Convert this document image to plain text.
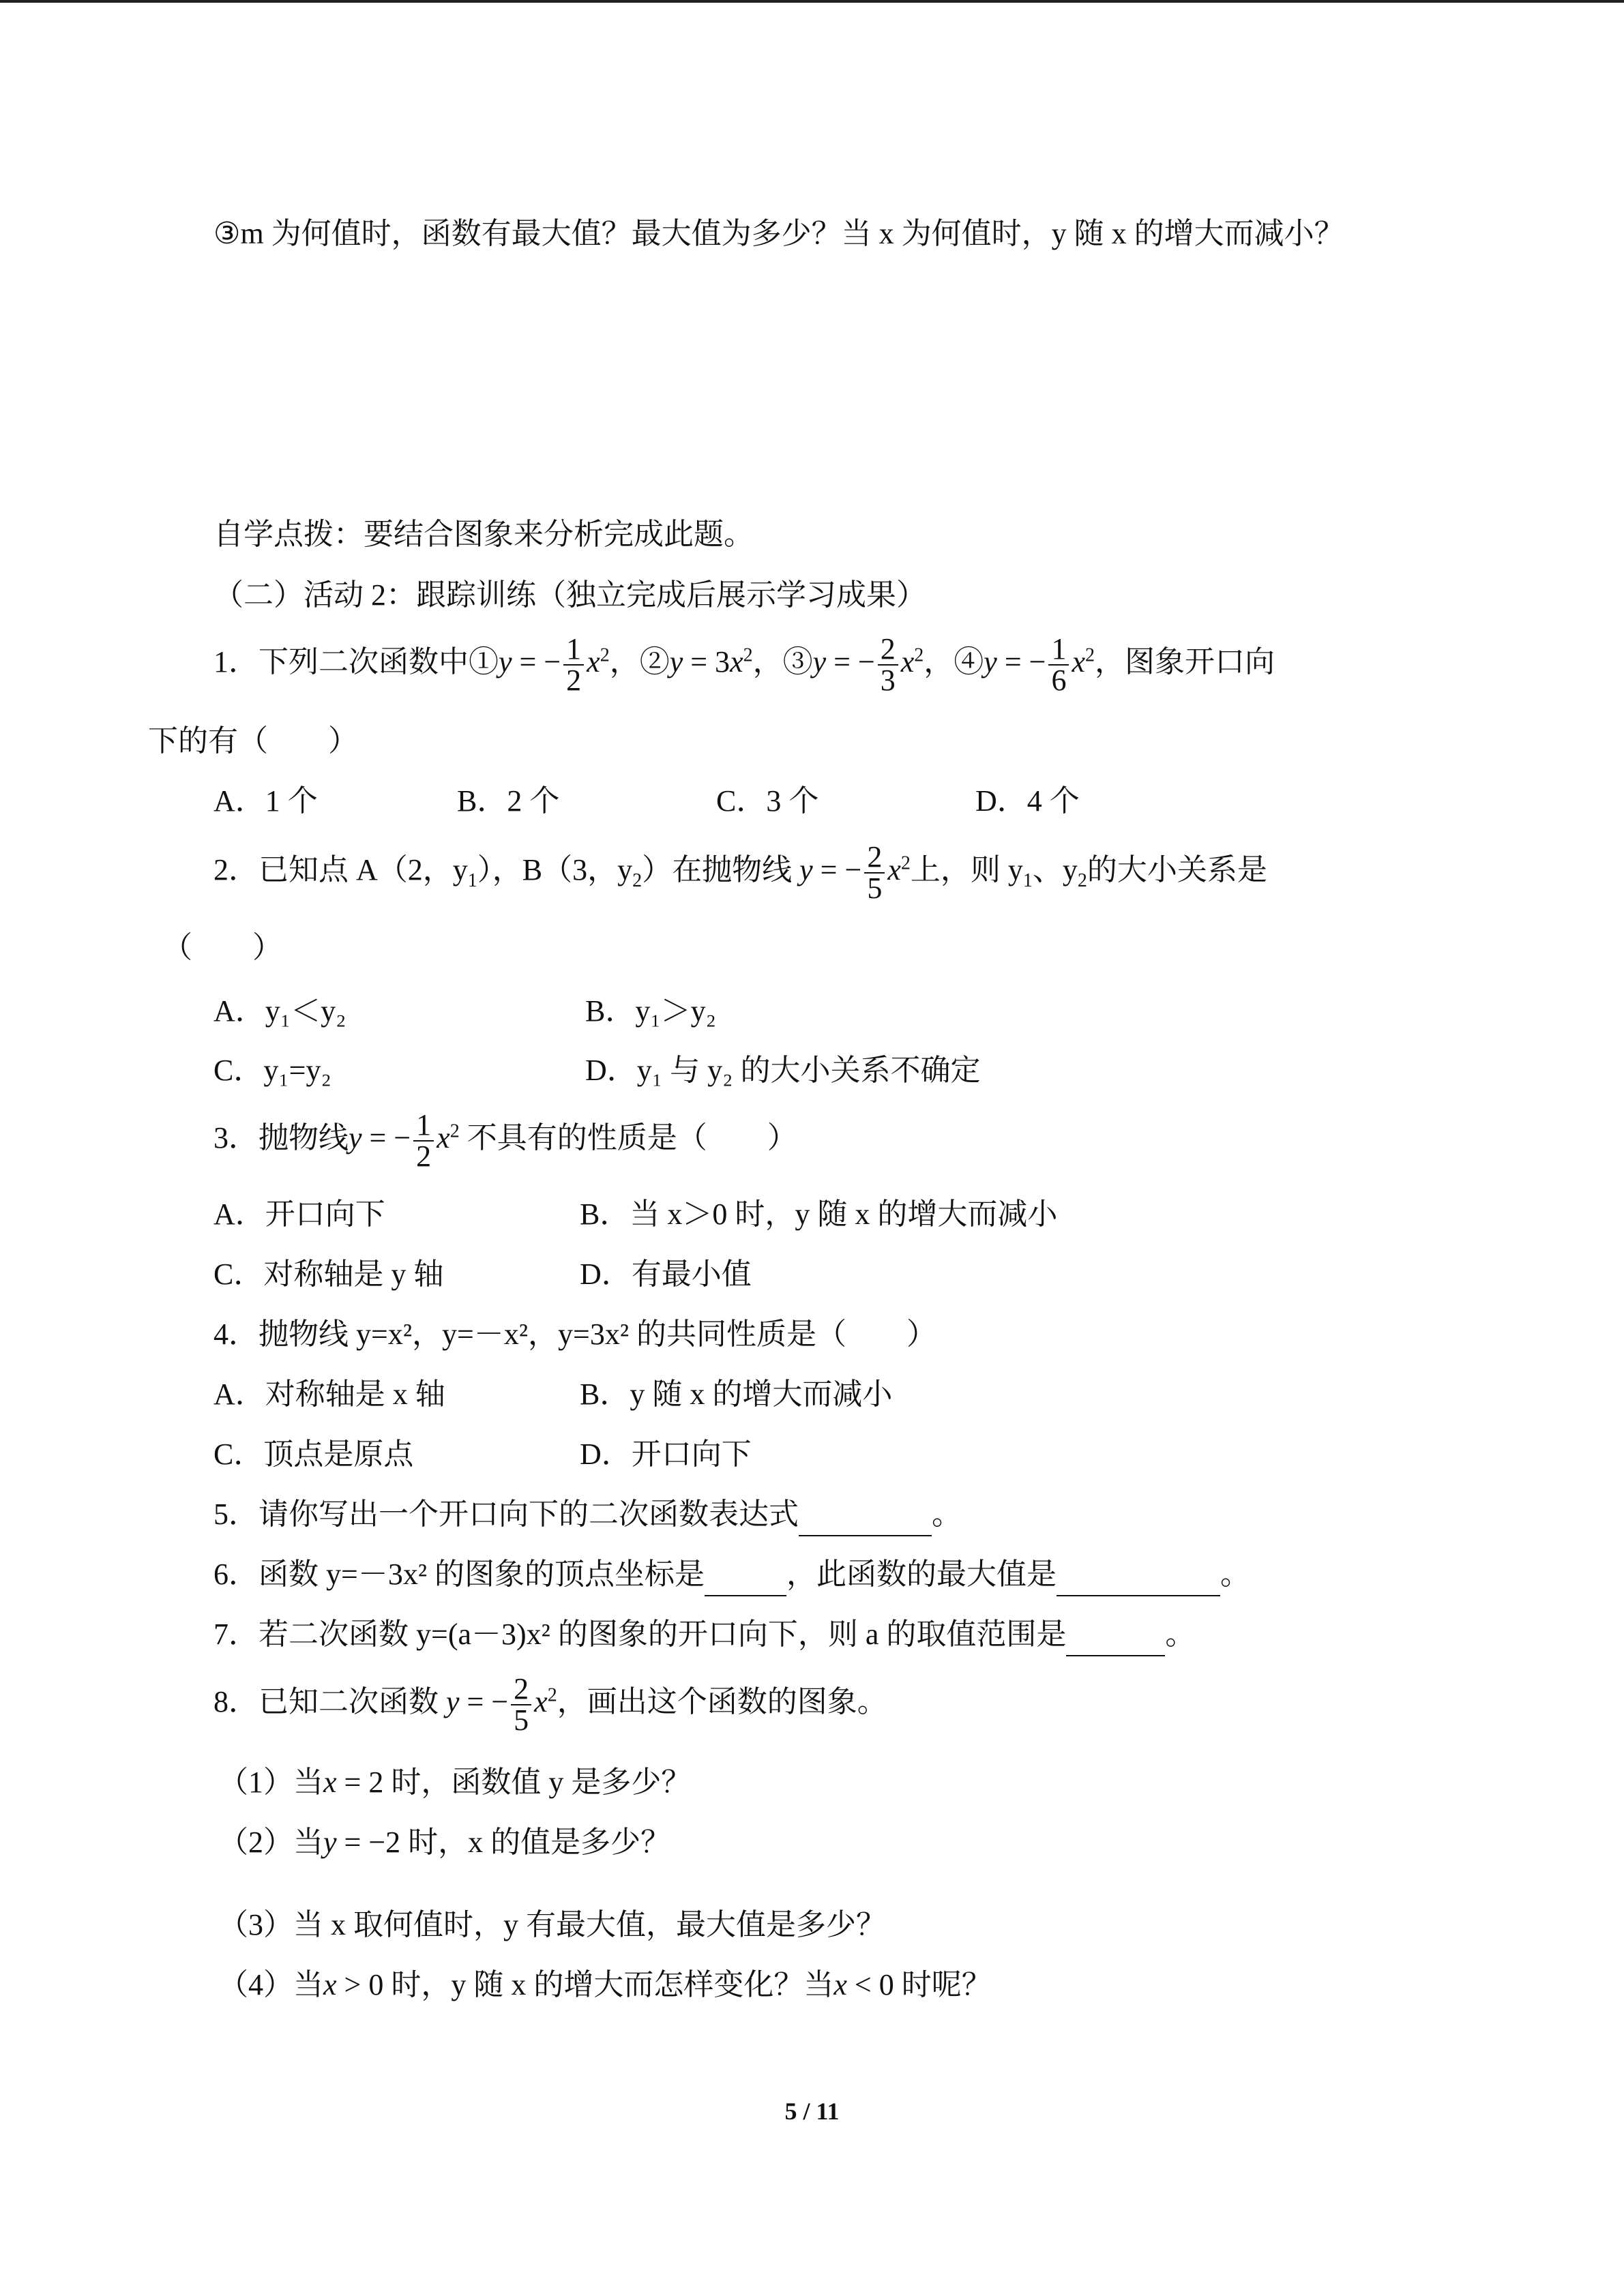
③m 为何值时，函数有最大值？最大值为多少？当 x 为何值时，y 随 x 的增大而减小？
自学点拨：要结合图象来分析完成此题。
（二）活动 2：跟踪训练（独立完成后展示学习成果）
1．下列二次函数中①y = − $\frac{1}{2} x^2$，②y = $3x^2$，③y = − $\frac{2}{3} x^2$，④y = − $\frac{1}{6} x^2$，图象开口向
下的有（　　）
A．1 个	B．2 个	C．3 个	D．4 个
2．已知点 A（2，$y_1$），B（3，$y_2$）在抛物线 y = − $\frac{2}{5} x^2$上，则 $y_1$、$y_2$的大小关系是
（　　）
A．y₁＜y₂	B．y₁＞y₂
C．y₁=y₂	D．y₁ 与 y₂ 的大小关系不确定
3．抛物线y = − $\frac{1}{2} x^2$ 不具有的性质是（　　）
A．开口向下	B．当 x＞0 时，y 随 x 的增大而减小
C．对称轴是 y 轴	D．有最小值
4．抛物线 y=x²，y=－x²，y=3x² 的共同性质是（　　）
A．对称轴是 x 轴	B．y 随 x 的增大而减小
C．顶点是原点	D．开口向下
5．请你写出一个开口向下的二次函数表达式	。
6．函数 y=－3x² 的图象的顶点坐标是	，此函数的最大值是	。
7．若二次函数 y=(a－3)x² 的图象的开口向下，则 a 的取值范围是	。
8．已知二次函数 y = − $\frac{2}{5} x^2$，画出这个函数的图象。
（1）当x = 2 时，函数值 y 是多少？
（2）当y = −2 时，x 的值是多少？
（3）当 x 取何值时，y 有最大值，最大值是多少？
（4）当x > 0 时，y 随 x 的增大而怎样变化？当x < 0 时呢？
5 / 11
